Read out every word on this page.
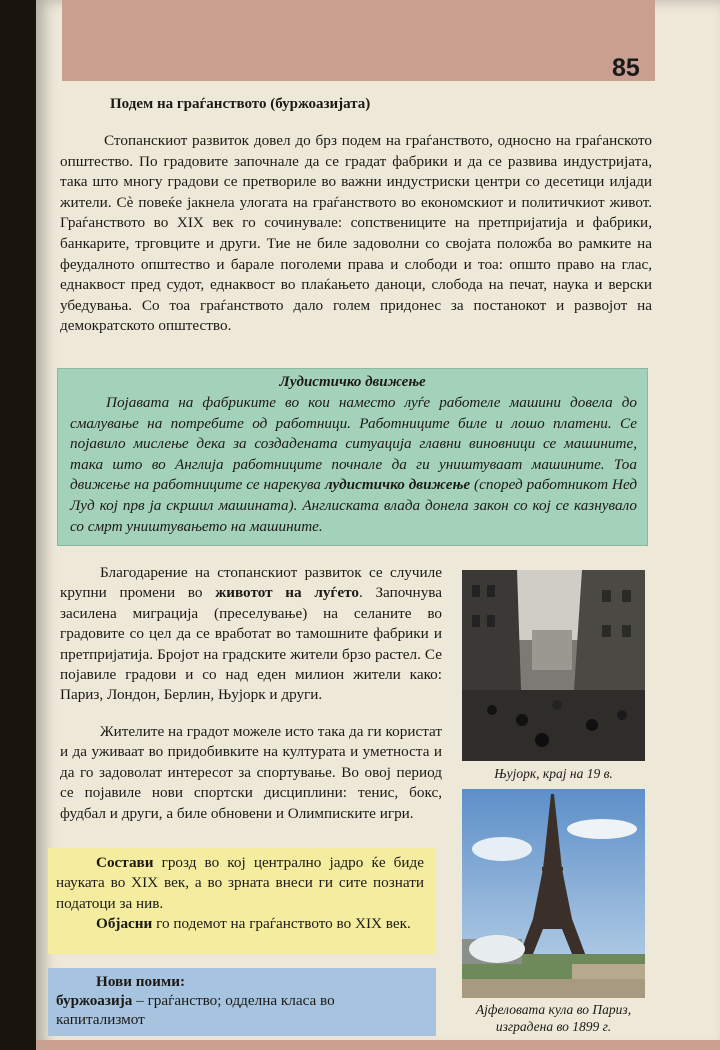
85
Подем на граѓанството (буржоазијата)

Стопанскиот развиток довел до брз подем на граѓанството, односно на граѓанското општество. По градовите започнале да се градат фабрики и да се развива индустријата, така што многу градови се претвориле во важни индустриски центри со десетици илјади жители. Сè повеќе јакнела улогата на граѓанството во економскиот и политичкиот живот. Граѓанството во XIX век го сочинувале: сопствениците на претпријатија и фабрики, банкарите, трговците и други. Тие не биле задоволни со својата положба во рамките на феудалното општество и барале поголеми права и слободи и тоа: општо право на глас, еднаквост пред судот, еднаквост во плаќањето даноци, слобода на печат, наука и верски убедувања. Со тоа граѓанството дало голем придонес за постанокот и развојот на демократското општество.

Лудистичко движење

Појавата на фабриките во кои наместо луѓе работеле машини довела до смалување на потребите од работници. Работниците биле и лошо платени. Се појавило мислење дека за создадената ситуација главни виновници се машините, така што во Англија работниците почнале да ги уништуваат машините. Тоа движење на работниците се нарекува лудистичко движење (според работникот Нед Луд кој прв ја скршил машината). Англиската влада донела закон со кој се казнувало со смрт уништувањето на машините.

Благодарение на стопанскиот развиток се случиле крупни промени во животот на луѓето. Започнува засилена миграција (преселување) на селаните во градовите со цел да се вработат во тамошните фабрики и претпријатија. Бројот на градските жители брзо растел. Се појавиле градови и со над еден милион жители како: Париз, Лондон, Берлин, Њујорк и други.

Жителите на градот можеле исто така да ги користат и да уживаат во придобивките на културата и уметноста и да го задоволат интересот за спортување. Во овој период се појавиле нови спортски дисциплини: тенис, бокс, фудбал и други, а биле обновени и Олимписките игри.

Состави грозд во кој централно јадро ќе биде науката во XIX век, а во зрната внеси ги сите познати податоци за нив.

Објасни го подемот на граѓанството во XIX век.

Нови поими:

буржоазија – граѓанство; одделна класа во капитализмот

Њујорк, крај на 19 в.
Ајфеловата кула во Париз,
изградена во 1899 г.
